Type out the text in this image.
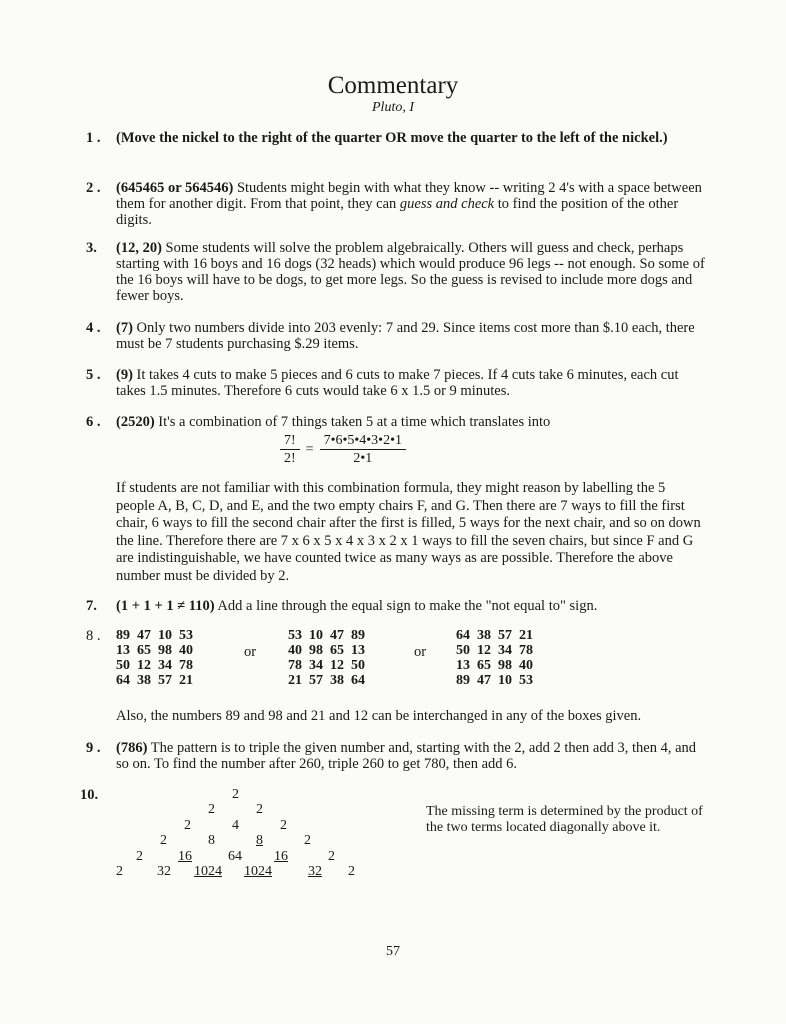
Commentary
Pluto, I
1 . (Move the nickel to the right of the quarter OR move the quarter to the left of the nickel.)
2 . (645465 or 564546) Students might begin with what they know -- writing 2 4's with a space between them for another digit. From that point, they can guess and check to find the position of the other digits.
3. (12, 20) Some students will solve the problem algebraically. Others will guess and check, perhaps starting with 16 boys and 16 dogs (32 heads) which would produce 96 legs -- not enough. So some of the 16 boys will have to be dogs, to get more legs. So the guess is revised to include more dogs and fewer boys.
4 . (7) Only two numbers divide into 203 evenly: 7 and 29. Since items cost more than $.10 each, there must be 7 students purchasing $.29 items.
5 . (9) It takes 4 cuts to make 5 pieces and 6 cuts to make 7 pieces. If 4 cuts take 6 minutes, each cut takes 1.5 minutes. Therefore 6 cuts would take 6 x 1.5 or 9 minutes.
6 . (2520) It's a combination of 7 things taken 5 at a time which translates into
$\frac{7!}{2!} = \frac{7•6•5•4•3•2•1}{2•1}$
If students are not familiar with this combination formula, they might reason by labelling the 5 people A, B, C, D, and E, and the two empty chairs F, and G. Then there are 7 ways to fill the first chair, 6 ways to fill the second chair after the first is filled, 5 ways for the next chair, and so on down the line. Therefore there are 7 x 6 x 5 x 4 x 3 x 2 x 1 ways to fill the seven chairs, but since F and G are indistinguishable, we have counted twice as many ways as are possible. Therefore the above number must be divided by 2.
7. (1 + 1 + 1 ≠ 110) Add a line through the equal sign to make the "not equal to" sign.
8 . 89  47  10  53
13  65  98  40
50  12  34  78
64  38  57  21
or
53  10  47  89
40  98  65  13
78  34  12  50
21  57  38  64
or
64  38  57  21
50  12  34  78
13  65  98  40
89  47  10  53
Also, the numbers 89 and 98 and 21 and 12 can be interchanged in any of the boxes given.
9 . (786) The pattern is to triple the given number and, starting with the 2, add 2 then add 3, then 4, and so on. To find the number after 260, triple 260 to get 780, then add 6.
10.	2
2	2
2	4	2
2	8	8	2
2	16	64 16	2
2 32 1024 1024	32 2
The missing term is determined by the product of the two terms located diagonally above it.
57
